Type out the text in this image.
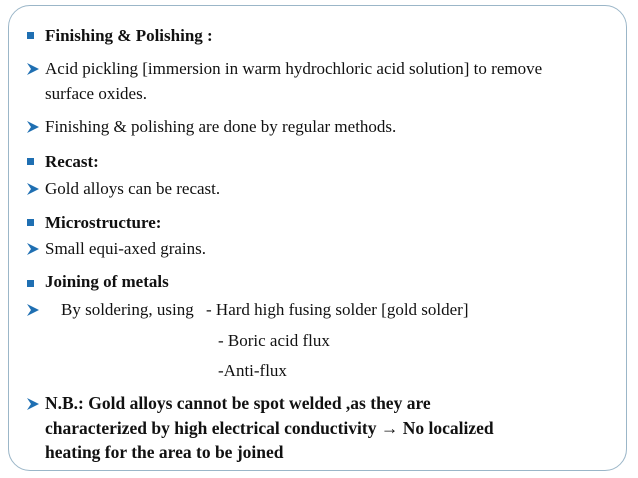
Finishing & Polishing :
Acid pickling [immersion in warm hydrochloric acid solution] to remove
surface oxides.
Finishing & polishing are done by regular methods.
Recast:
Gold alloys can be recast.
Microstructure:
Small equi-axed grains.
Joining of metals
By soldering, using - Hard high fusing solder [gold solder]
- Boric acid flux
-Anti-flux
N.B.: Gold alloys cannot be spot welded ,as they are
characterized by high electrical conductivity → No localized
heating for the area to be joined
